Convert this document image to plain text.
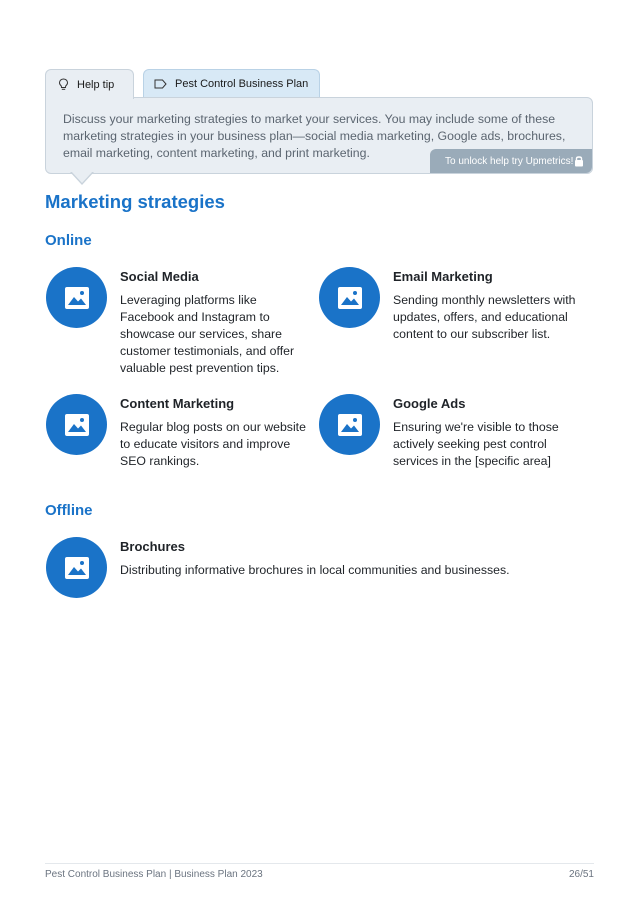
Help tip	Pest Control Business Plan

Discuss your marketing strategies to market your services. You may include some of these marketing strategies in your business plan—social media marketing, Google ads, brochures, email marketing, content marketing, and print marketing.

To unlock help try Upmetrics!
Marketing strategies
Online
Social Media
Leveraging platforms like Facebook and Instagram to showcase our services, share customer testimonials, and offer valuable pest prevention tips.
Email Marketing
Sending monthly newsletters with updates, offers, and educational content to our subscriber list.
Content Marketing
Regular blog posts on our website to educate visitors and improve SEO rankings.
Google Ads
Ensuring we're visible to those actively seeking pest control services in the [specific area]
Offline
Brochures
Distributing informative brochures in local communities and businesses.
Pest Control Business Plan | Business Plan 2023	26/51
